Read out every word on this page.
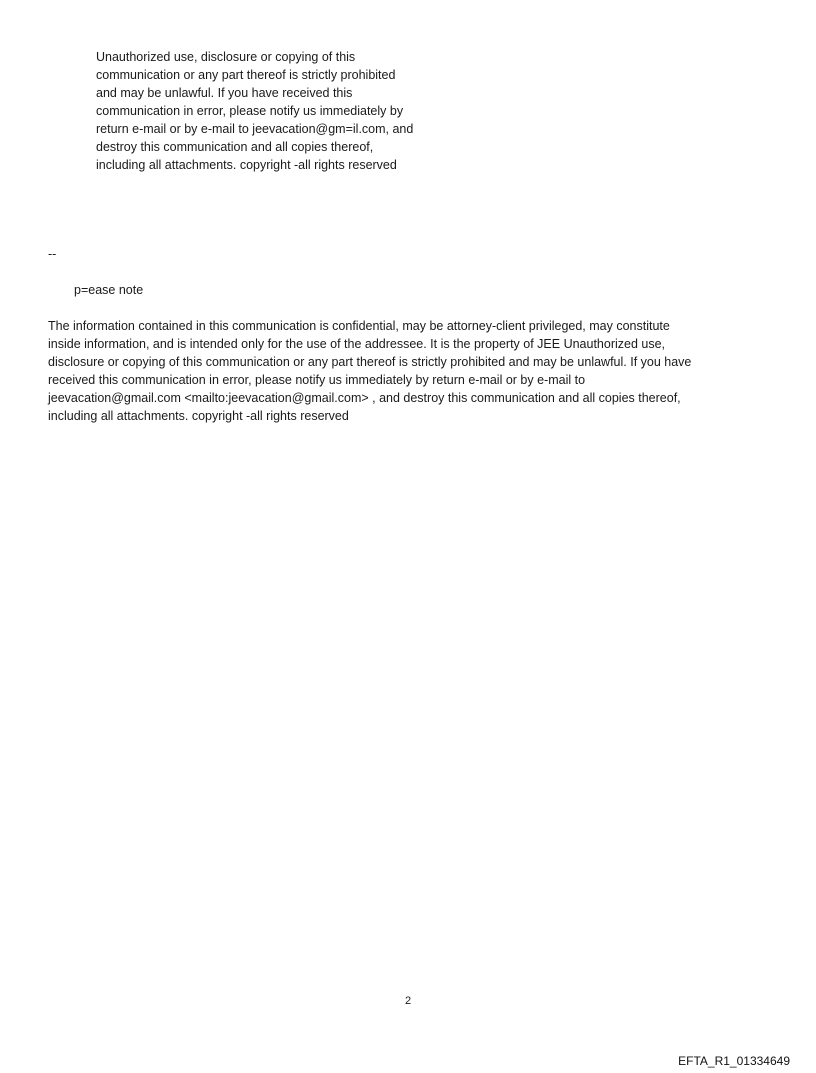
Unauthorized use, disclosure or copying of this
communication or any part thereof is strictly prohibited
and may be unlawful. If you have received this
communication in error, please notify us immediately by
return e-mail or by e-mail to jeevacation@gm=il.com, and
destroy this communication and all copies thereof,
including all attachments. copyright -all rights reserved
--
p=ease note
The information contained in this communication is confidential, may be attorney-client privileged, may constitute
inside information, and is intended only for the use of the addressee. It is the property of JEE Unauthorized use,
disclosure or copying of this communication or any part thereof is strictly prohibited and may be unlawful. If you have
received this communication in error, please notify us immediately by return e-mail or by e-mail to
jeevacation@gmail.com <mailto:jeevacation@gmail.com> , and destroy this communication and all copies thereof,
including all attachments. copyright -all rights reserved
2
EFTA_R1_01334649
